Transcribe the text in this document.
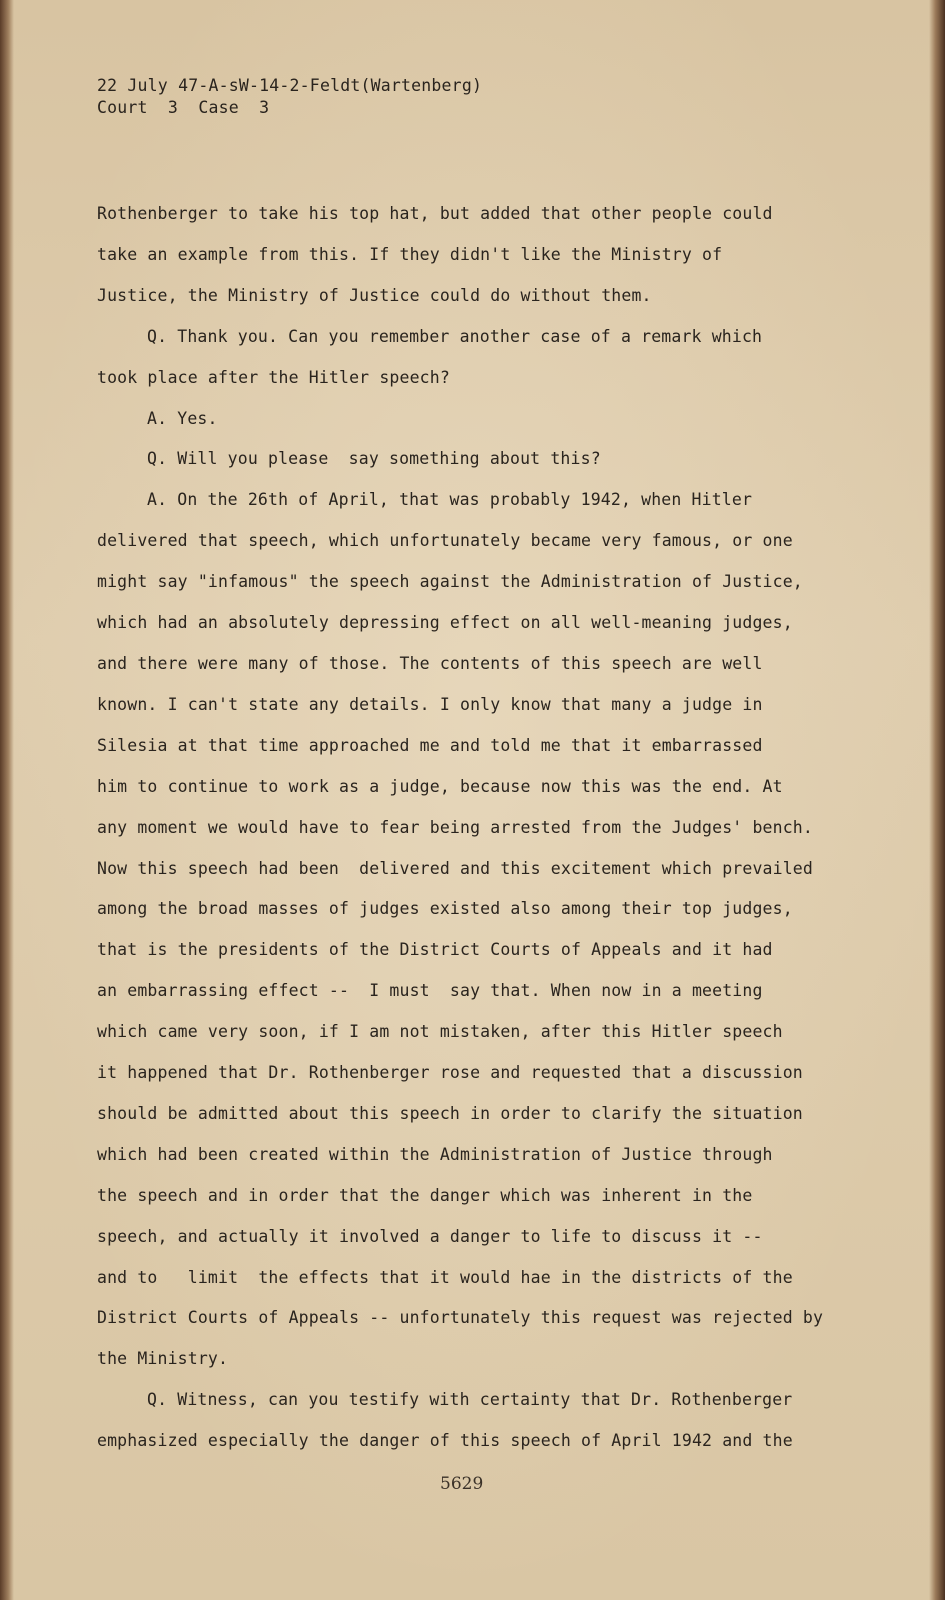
22 July 47-A-sW-14-2-Feldt(Wartenberg)
Court  3  Case  3
Rothenberger to take his top hat, but added that other people could
take an example from this. If they didn't like the Ministry of
Justice, the Ministry of Justice could do without them.
Q. Thank you. Can you remember another case of a remark which
took place after the Hitler speech?
A. Yes.
Q. Will you please  say something about this?
A. On the 26th of April, that was probably 1942, when Hitler
delivered that speech, which unfortunately became very famous, or one
might say "infamous" the speech against the Administration of Justice,
which had an absolutely depressing effect on all well-meaning judges,
and there were many of those. The contents of this speech are well
known. I can't state any details. I only know that many a judge in
Silesia at that time approached me and told me that it embarrassed
him to continue to work as a judge, because now this was the end. At
any moment we would have to fear being arrested from the Judges' bench.
Now this speech had been  delivered and this excitement which prevailed
among the broad masses of judges existed also among their top judges,
that is the presidents of the District Courts of Appeals and it had
an embarrassing effect --  I must  say that. When now in a meeting
which came very soon, if I am not mistaken, after this Hitler speech
it happened that Dr. Rothenberger rose and requested that a discussion
should be admitted about this speech in order to clarify the situation
which had been created within the Administration of Justice through
the speech and in order that the danger which was inherent in the
speech, and actually it involved a danger to life to discuss it --
and to   limit  the effects that it would hae in the districts of the
District Courts of Appeals -- unfortunately this request was rejected by
the Ministry.
Q. Witness, can you testify with certainty that Dr. Rothenberger
emphasized especially the danger of this speech of April 1942 and the
5629
